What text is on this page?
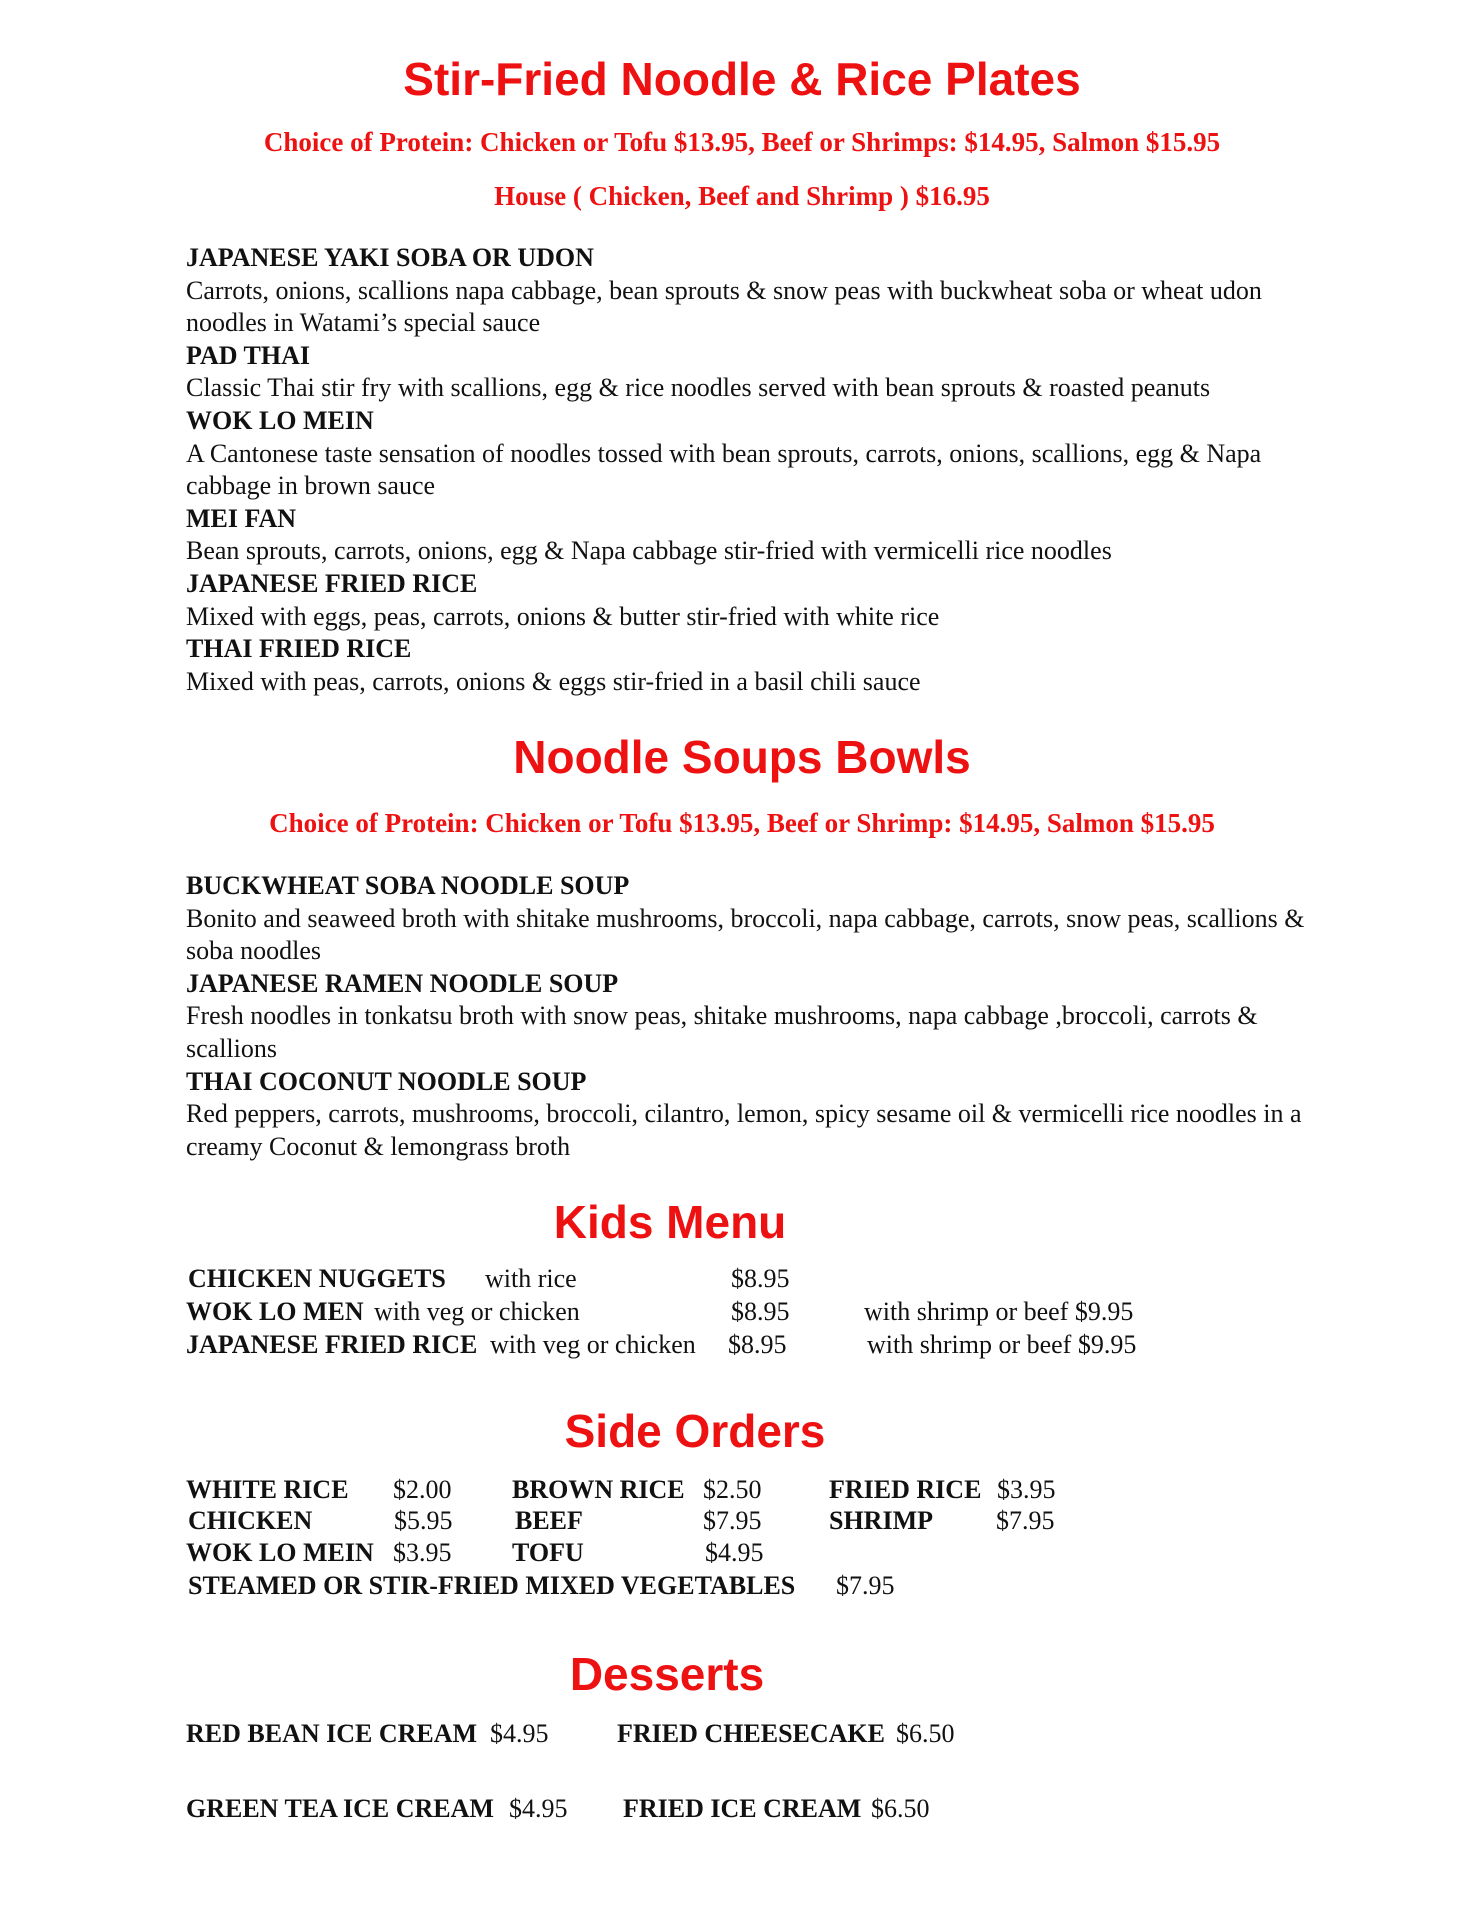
Stir-Fried Noodle & Rice Plates
Choice of Protein: Chicken or Tofu $13.95, Beef or Shrimps: $14.95, Salmon $15.95
House ( Chicken, Beef and Shrimp ) $16.95
JAPANESE YAKI SOBA OR UDON
Carrots, onions, scallions napa cabbage, bean sprouts & snow peas with buckwheat soba or wheat udon noodles in Watami’s special sauce
PAD THAI
Classic Thai stir fry with scallions, egg & rice noodles served with bean sprouts & roasted peanuts
WOK LO MEIN
A Cantonese taste sensation of noodles tossed with bean sprouts, carrots, onions, scallions, egg & Napa cabbage in brown sauce
MEI FAN
Bean sprouts, carrots, onions, egg & Napa cabbage stir-fried with vermicelli rice noodles
JAPANESE FRIED RICE
Mixed with eggs, peas, carrots, onions & butter stir-fried with white rice
THAI FRIED RICE
Mixed with peas, carrots, onions & eggs stir-fried in a basil chili sauce
Noodle Soups Bowls
Choice of Protein: Chicken or Tofu $13.95, Beef or Shrimp: $14.95, Salmon $15.95
BUCKWHEAT SOBA NOODLE SOUP
Bonito and seaweed broth with shitake mushrooms, broccoli, napa cabbage, carrots, snow peas, scallions & soba noodles
JAPANESE RAMEN NOODLE SOUP
Fresh noodles in tonkatsu broth with snow peas, shitake mushrooms, napa cabbage ,broccoli, carrots & scallions
THAI COCONUT NOODLE SOUP
Red peppers, carrots, mushrooms, broccoli, cilantro, lemon, spicy sesame oil & vermicelli rice noodles in a creamy Coconut & lemongrass broth
Kids Menu
CHICKEN NUGGETS with rice	$8.95
WOK LO MEN with veg or chicken	$8.95	with shrimp or beef $9.95
JAPANESE FRIED RICE with veg or chicken $8.95	with shrimp or beef $9.95
Side Orders
WHITE RICE $2.00 BROWN RICE $2.50	FRIED RICE $3.95
CHICKEN	$5.95 BEEF	$7.95	SHRIMP $7.95
WOK LO MEIN $3.95 TOFU	$4.95
STEAMED OR STIR-FRIED MIXED VEGETABLES $7.95
Desserts
RED BEAN ICE CREAM $4.95	FRIED CHEESECAKE $6.50
GREEN TEA ICE CREAM $4.95 FRIED ICE CREAM $6.50
